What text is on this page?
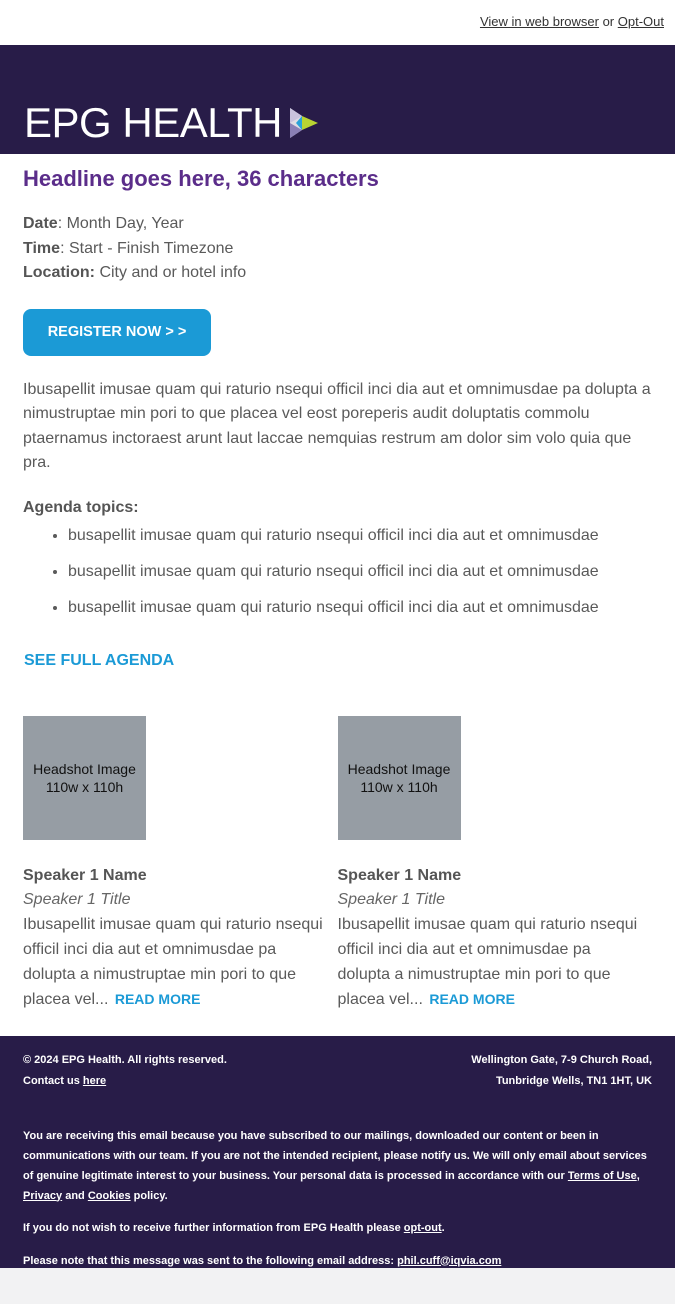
View in web browser or Opt-Out
EPG HEALTH
Headline goes here, 36 characters
Date: Month Day, Year
Time: Start - Finish Timezone
Location: City and or hotel info
REGISTER NOW > >
Ibusapellit imusae quam qui raturio nsequi officil inci dia aut et omnimusdae pa dolupta a nimustruptae min pori to que placea vel eost poreperis audit doluptatis commolu ptaernamus inctoraest arunt laut laccae nemquias restrum am dolor sim volo quia que pra.
Agenda topics:
• busapellit imusae quam qui raturio nsequi officil inci dia aut et omnimusdae
• busapellit imusae quam qui raturio nsequi officil inci dia aut et omnimusdae
• busapellit imusae quam qui raturio nsequi officil inci dia aut et omnimusdae
SEE FULL AGENDA
Headshot Image
110w x 110h
Speaker 1 Name
Speaker 1 Title
Ibusapellit imusae quam qui raturio nsequi officil inci dia aut et omnimusdae pa dolupta a nimustruptae min pori to que placea vel... READ MORE
Headshot Image
110w x 110h
Speaker 1 Name
Speaker 1 Title
Ibusapellit imusae quam qui raturio nsequi officil inci dia aut et omnimusdae pa dolupta a nimustruptae min pori to que placea vel... READ MORE

© 2024 EPG Health. All rights reserved.

Contact us here

Wellington Gate, 7-9 Church Road,

Tunbridge Wells, TN1 1HT, UK

You are receiving this email because you have subscribed to our mailings, downloaded our content or been in communications with our team. If you are not the intended recipient, please notify us. We will only email about services of genuine legitimate interest to your business. Your personal data is processed in accordance with our Terms of Use, Privacy and Cookies policy.

If you do not wish to receive further information from EPG Health please opt-out.

Please note that this message was sent to the following email address: phil.cuff@iqvia.com
